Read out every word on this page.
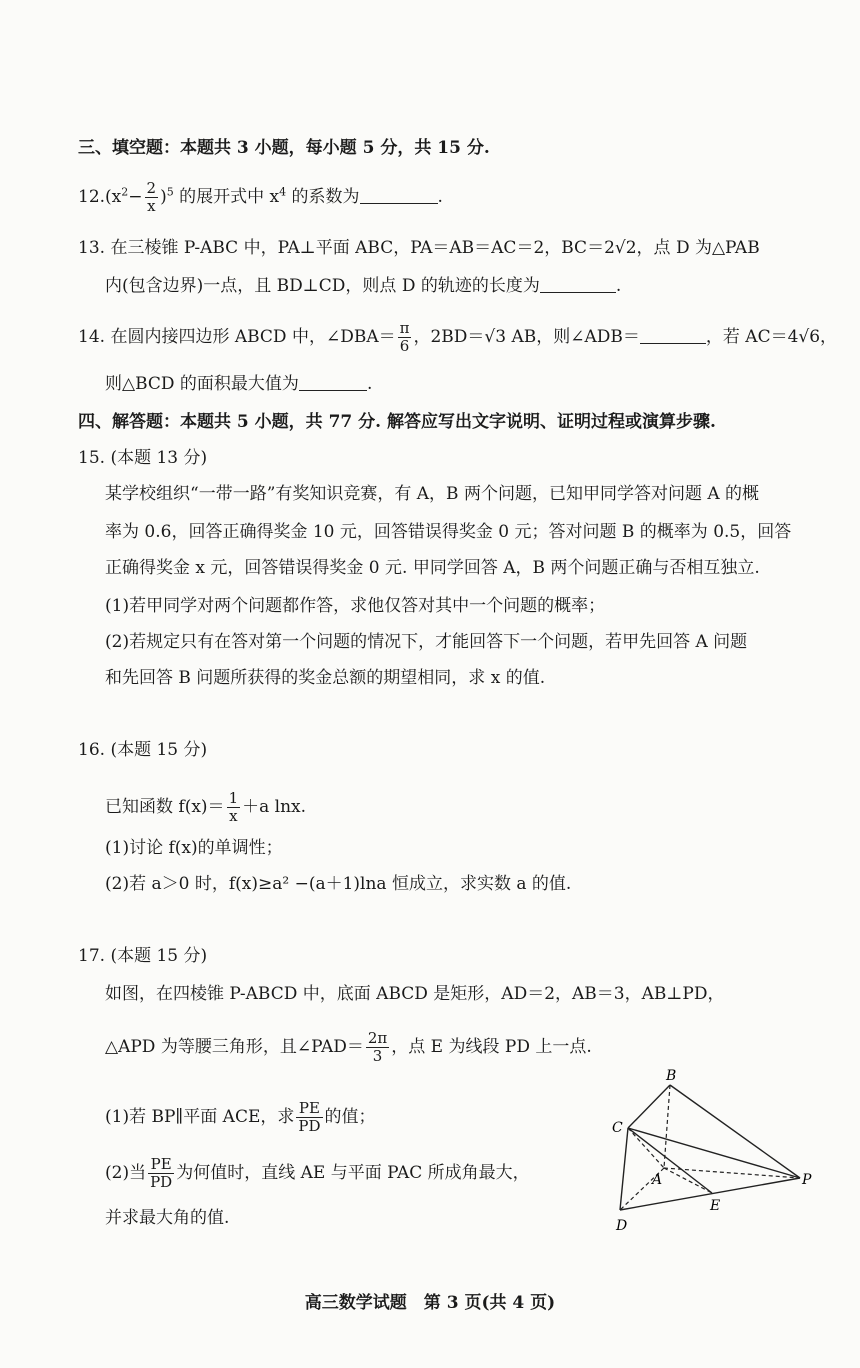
三、填空题：本题共 3 小题，每小题 5 分，共 15 分.
$12.(x^2- \frac{2}{x} )^5$ 的展开式中 $x^4$ 的系数为	.
13. 在三棱锥 P-ABC 中，PA⊥平面 ABC，PA＝AB＝AC＝2，BC＝2√2，点 D 为△PAB
内(包含边界)一点，且 BD⊥CD，则点 D 的轨迹的长度为	.
14. 在圆内接四边形 ABCD 中，∠DBA＝ $\frac{\pi}{6}$ ，2BD＝√3 AB，则∠ADB＝	，若 AC＝4√6，
则△BCD 的面积最大值为	.
四、解答题：本题共 5 小题，共 77 分. 解答应写出文字说明、证明过程或演算步骤.
15. (本题 13 分)
某学校组织“一带一路”有奖知识竞赛，有 A，B 两个问题，已知甲同学答对问题 A 的概
率为 0.6，回答正确得奖金 10 元，回答错误得奖金 0 元；答对问题 B 的概率为 0.5，回答
正确得奖金 x 元，回答错误得奖金 0 元. 甲同学回答 A，B 两个问题正确与否相互独立.
(1)若甲同学对两个问题都作答，求他仅答对其中一个问题的概率；
(2)若规定只有在答对第一个问题的情况下，才能回答下一个问题，若甲先回答 A 问题
和先回答 B 问题所获得的奖金总额的期望相同，求 x 的值.
16. (本题 15 分)
已知函数 $f(x)= \frac{1}{x} +a$ lnx.
(1)讨论 f(x)的单调性；
(2)若 a＞0 时，f(x)≥a² −(a＋1)lna 恒成立，求实数 a 的值.
17. (本题 15 分)
如图，在四棱锥 P-ABCD 中，底面 ABCD 是矩形，AD＝2，AB＝3，AB⊥PD，
△APD 为等腰三角形，且∠PAD＝ $\frac{2\pi}{3}$ ，点 E 为线段 PD 上一点.
(1)若 BP∥平面 ACE，求 $\frac{PE}{PD}$ 的值；
(2)当 $\frac{PE}{PD}$ 为何值时，直线 AE 与平面 PAC 所成角最大，
并求最大角的值.
B
C
A	P
E
D
高三数学试题　第 3 页(共 4 页)
